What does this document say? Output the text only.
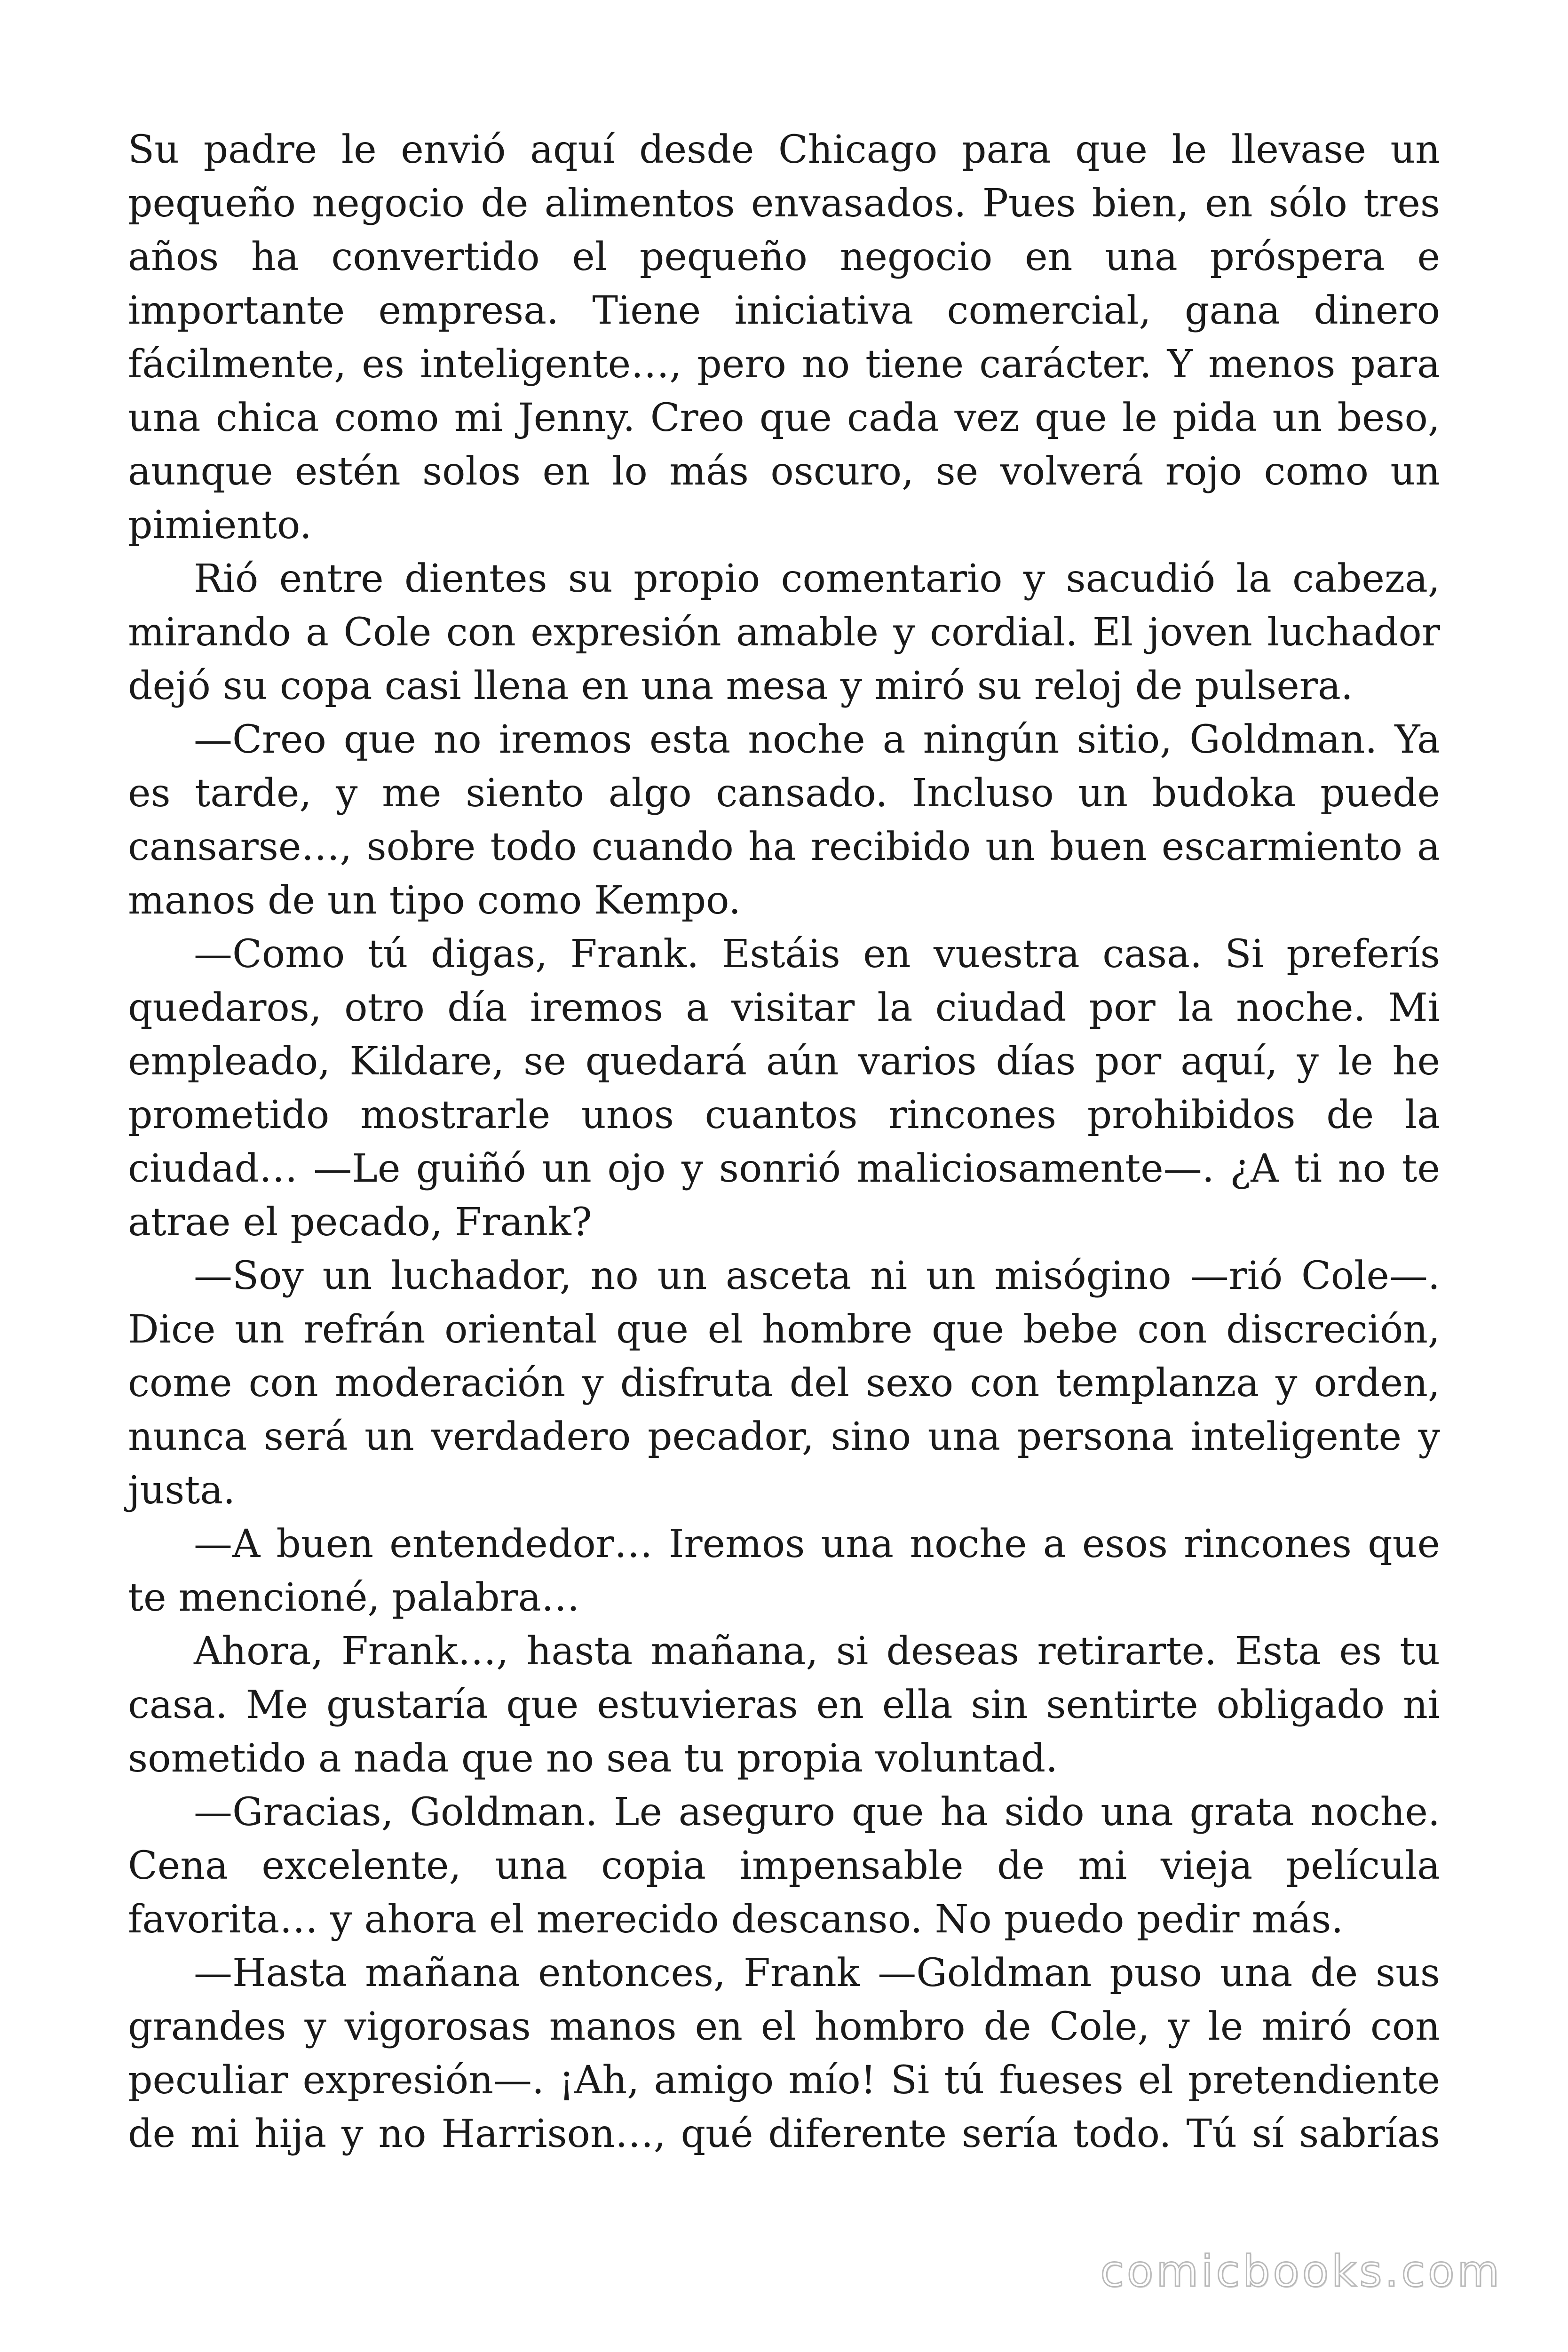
Su padre le envió aquí desde Chicago para que le llevase un pequeño negocio de alimentos envasados. Pues bien, en sólo tres años ha convertido el pequeño negocio en una próspera e importante empresa. Tiene iniciativa comercial, gana dinero fácilmente, es inteligente…, pero no tiene carácter. Y menos para una chica como mi Jenny. Creo que cada vez que le pida un beso, aunque estén solos en lo más oscuro, se volverá rojo como un pimiento.

Rió entre dientes su propio comentario y sacudió la cabeza, mirando a Cole con expresión amable y cordial. El joven luchador dejó su copa casi llena en una mesa y miró su reloj de pulsera.

—Creo que no iremos esta noche a ningún sitio, Goldman. Ya es tarde, y me siento algo cansado. Incluso un budoka puede cansarse…, sobre todo cuando ha recibido un buen escarmiento a manos de un tipo como Kempo.

—Como tú digas, Frank. Estáis en vuestra casa. Si preferís quedaros, otro día iremos a visitar la ciudad por la noche. Mi empleado, Kildare, se quedará aún varios días por aquí, y le he prometido mostrarle unos cuantos rincones prohibidos de la ciudad… —Le guiñó un ojo y sonrió maliciosamente—. ¿A ti no te atrae el pecado, Frank?

—Soy un luchador, no un asceta ni un misógino —rió Cole—. Dice un refrán oriental que el hombre que bebe con discreción, come con moderación y disfruta del sexo con templanza y orden, nunca será un verdadero pecador, sino una persona inteligente y justa.

—A buen entendedor… Iremos una noche a esos rincones que te mencioné, palabra…

Ahora, Frank…, hasta mañana, si deseas retirarte. Esta es tu casa. Me gustaría que estuvieras en ella sin sentirte obligado ni sometido a nada que no sea tu propia voluntad.

—Gracias, Goldman. Le aseguro que ha sido una grata noche. Cena excelente, una copia impensable de mi vieja película favorita… y ahora el merecido descanso. No puedo pedir más.

—Hasta mañana entonces, Frank —Goldman puso una de sus grandes y vigorosas manos en el hombro de Cole, y le miró con peculiar expresión—. ¡Ah, amigo mío! Si tú fueses el pretendiente de mi hija y no Harrison…, qué diferente sería todo. Tú sí sabrías

comicbooks.com
